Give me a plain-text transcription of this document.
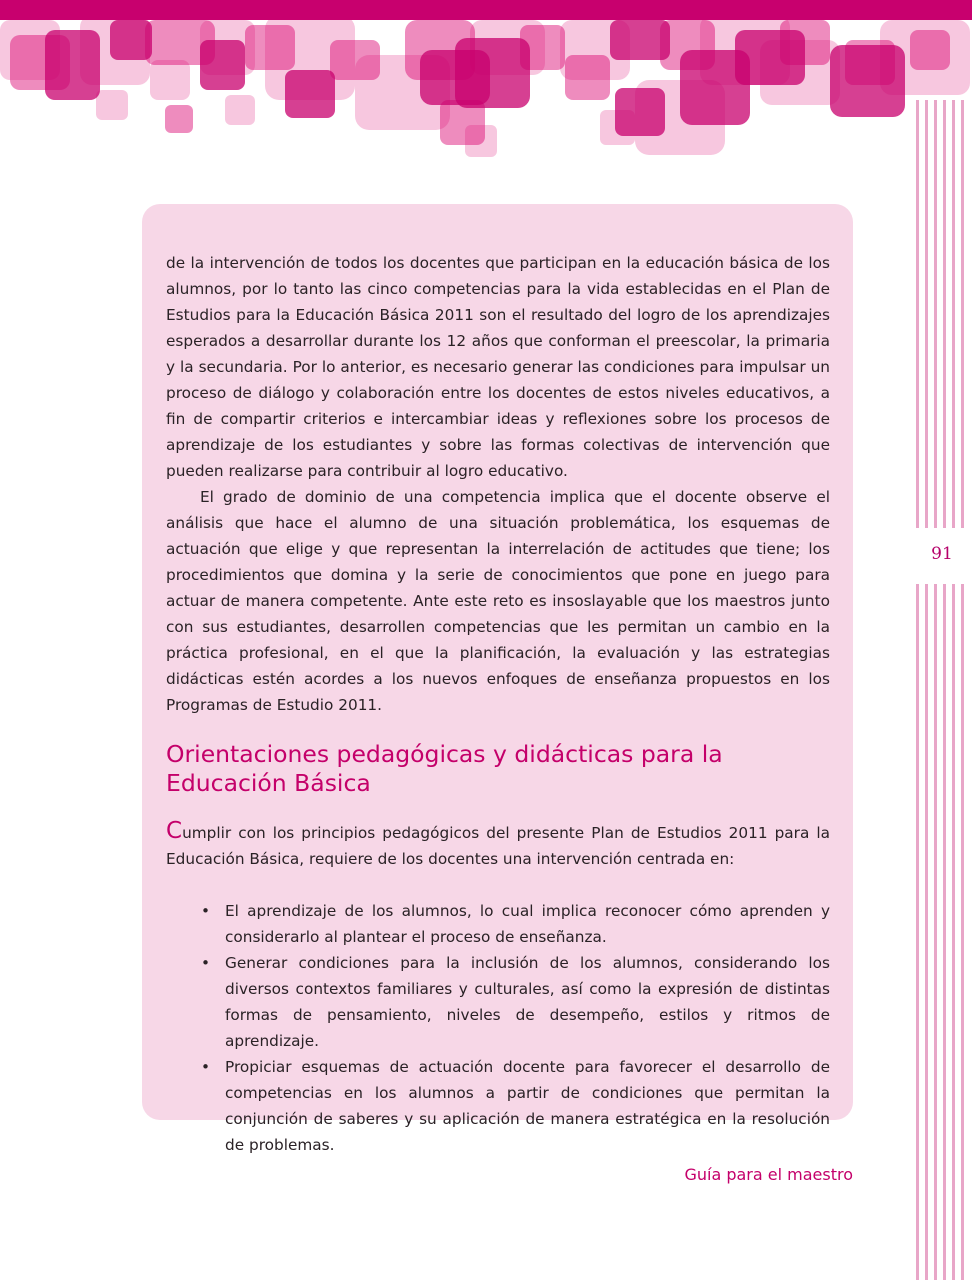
91

de la intervención de todos los docentes que participan en la educación básica de los alumnos, por lo tanto las cinco competencias para la vida establecidas en el Plan de Estudios para la Educación Básica 2011 son el resultado del logro de los aprendizajes esperados a desarrollar durante los 12 años que conforman el preescolar, la primaria y la secundaria. Por lo anterior, es necesario generar las condiciones para impulsar un proceso de diálogo y colaboración entre los docentes de estos niveles educativos, a fin de compartir criterios e intercambiar ideas y reflexiones sobre los procesos de aprendizaje de los estudiantes y sobre las formas colectivas de intervención que pueden realizarse para contribuir al logro educativo.

El grado de dominio de una competencia implica que el docente observe el análisis que hace el alumno de una situación problemática, los esquemas de actuación que elige y que representan la interrelación de actitudes que tiene; los procedimientos que domina y la serie de conocimientos que pone en juego para actuar de manera competente. Ante este reto es insoslayable que los maestros junto con sus estudiantes, desarrollen competencias que les permitan un cambio en la práctica profesional, en el que la planificación, la evaluación y las estrategias didácticas estén acordes a los nuevos enfoques de enseñanza propuestos en los Programas de Estudio 2011.

Orientaciones pedagógicas y didácticas para la Educación Básica

Cumplir con los principios pedagógicos del presente Plan de Estudios 2011 para la Educación Básica, requiere de los docentes una intervención centrada en:

• El aprendizaje de los alumnos, lo cual implica reconocer cómo aprenden y considerarlo al plantear el proceso de enseñanza.
• Generar condiciones para la inclusión de los alumnos, considerando los diversos contextos familiares y culturales, así como la expresión de distintas formas de pensamiento, niveles de desempeño, estilos y ritmos de aprendizaje.
• Propiciar esquemas de actuación docente para favorecer el desarrollo de competencias en los alumnos a partir de condiciones que permitan la conjunción de saberes y su aplicación de manera estratégica en la resolución de problemas.
Guía para el maestro
